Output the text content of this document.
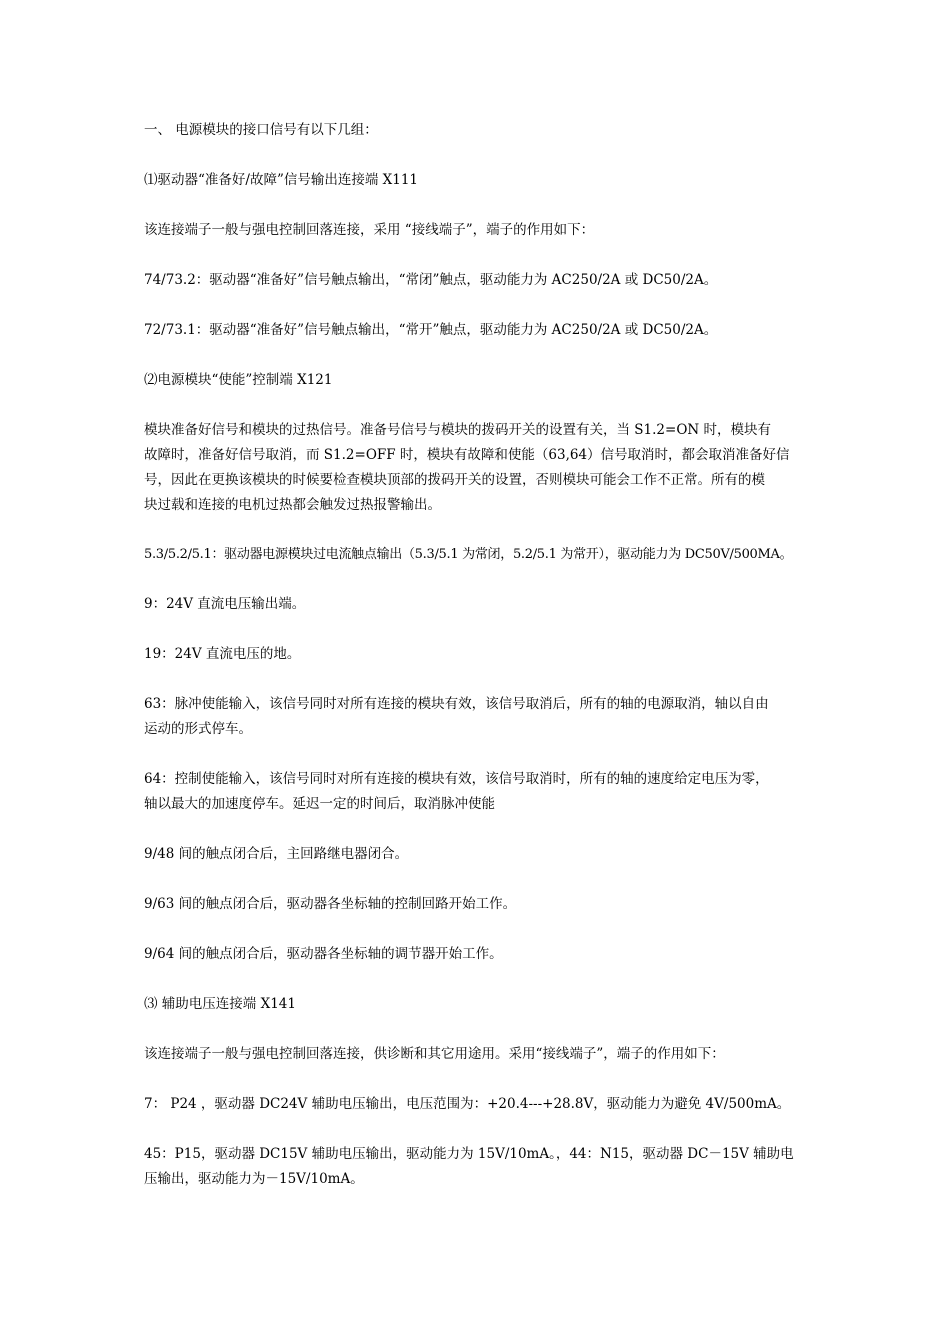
一、 电源模块的接口信号有以下几组：
⑴驱动器“准备好/故障”信号输出连接端 X111
该连接端子一般与强电控制回落连接，采用 “接线端子”，端子的作用如下：
74/73.2：驱动器“准备好”信号触点输出，“常闭”触点，驱动能力为 AC250/2A 或 DC50/2A。
72/73.1：驱动器“准备好”信号触点输出，“常开”触点，驱动能力为 AC250/2A 或 DC50/2A。
⑵电源模块“使能”控制端 X121
模块准备好信号和模块的过热信号。准备号信号与模块的拨码开关的设置有关，当 S1.2=ON 时，模块有
故障时，准备好信号取消，而 S1.2=OFF 时，模块有故障和使能（63,64）信号取消时，都会取消准备好信
号，因此在更换该模块的时候要检查模块顶部的拨码开关的设置，否则模块可能会工作不正常。所有的模
块过载和连接的电机过热都会触发过热报警输出。
5.3/5.2/5.1：驱动器电源模块过电流触点输出（5.3/5.1 为常闭，5.2/5.1 为常开），驱动能力为 DC50V/500MA。
9：24V 直流电压输出端。
19：24V 直流电压的地。
63：脉冲使能输入，该信号同时对所有连接的模块有效，该信号取消后，所有的轴的电源取消，轴以自由
运动的形式停车。
64：控制使能输入，该信号同时对所有连接的模块有效，该信号取消时，所有的轴的速度给定电压为零，
轴以最大的加速度停车。延迟一定的时间后，取消脉冲使能
9/48 间的触点闭合后，主回路继电器闭合。
9/63 间的触点闭合后，驱动器各坐标轴的控制回路开始工作。
9/64 间的触点闭合后，驱动器各坐标轴的调节器开始工作。
⑶ 辅助电压连接端 X141
该连接端子一般与强电控制回落连接，供诊断和其它用途用。采用“接线端子”，端子的作用如下：
7： P24 ，驱动器 DC24V 辅助电压输出，电压范围为：+20.4---+28.8V，驱动能力为避免 4V/500mA。
45：P15，驱动器 DC15V 辅助电压输出，驱动能力为 15V/10mA。，44：N15，驱动器 DC－15V 辅助电
压输出，驱动能力为－15V/10mA。
